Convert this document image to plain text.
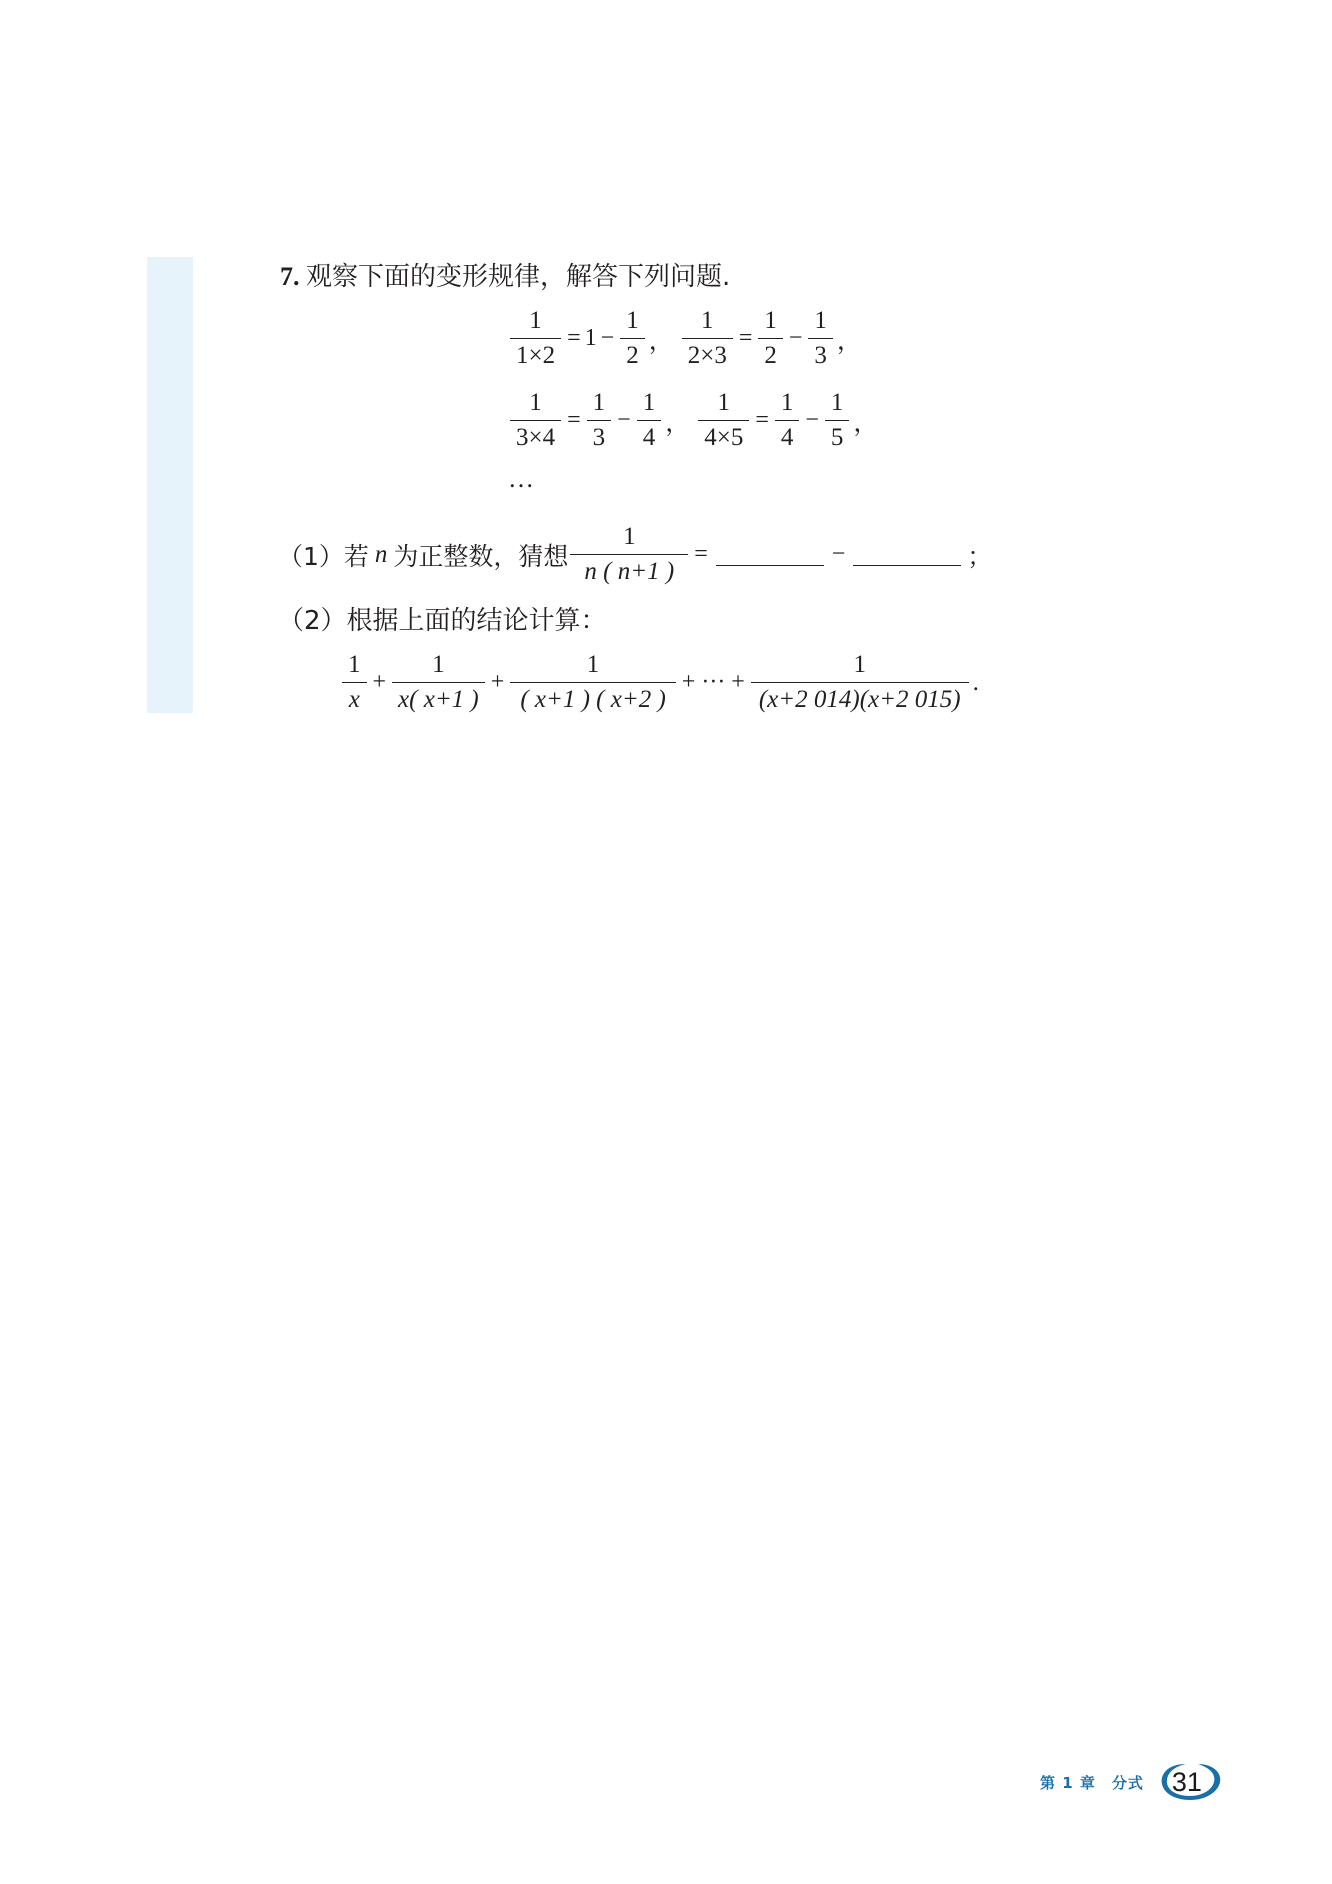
7. 观察下面的变形规律，解答下列问题.
$\frac{1}{1\times 2} = 1 - \frac{1}{2}$ ， $\frac{1}{2\times 3} = \frac{1}{2} - \frac{1}{3}$ ，
$\frac{1}{3\times 4} = \frac{1}{3} - \frac{1}{4}$ ， $\frac{1}{4\times 5} = \frac{1}{4} - \frac{1}{5}$ ，
…
（1）若 n 为正整数，猜想 $\frac{1}{n ( n+1 )}$ =	−	；
（2）根据上面的结论计算：
$\frac{1}{x} + \frac{1}{x( x+1 )} + \frac{1}{( x+1 ) ( x+2 )}$ + ··· + $\frac{1}{(x+2 014)(x+2 015)}$ .
第 1 章　分式	31
